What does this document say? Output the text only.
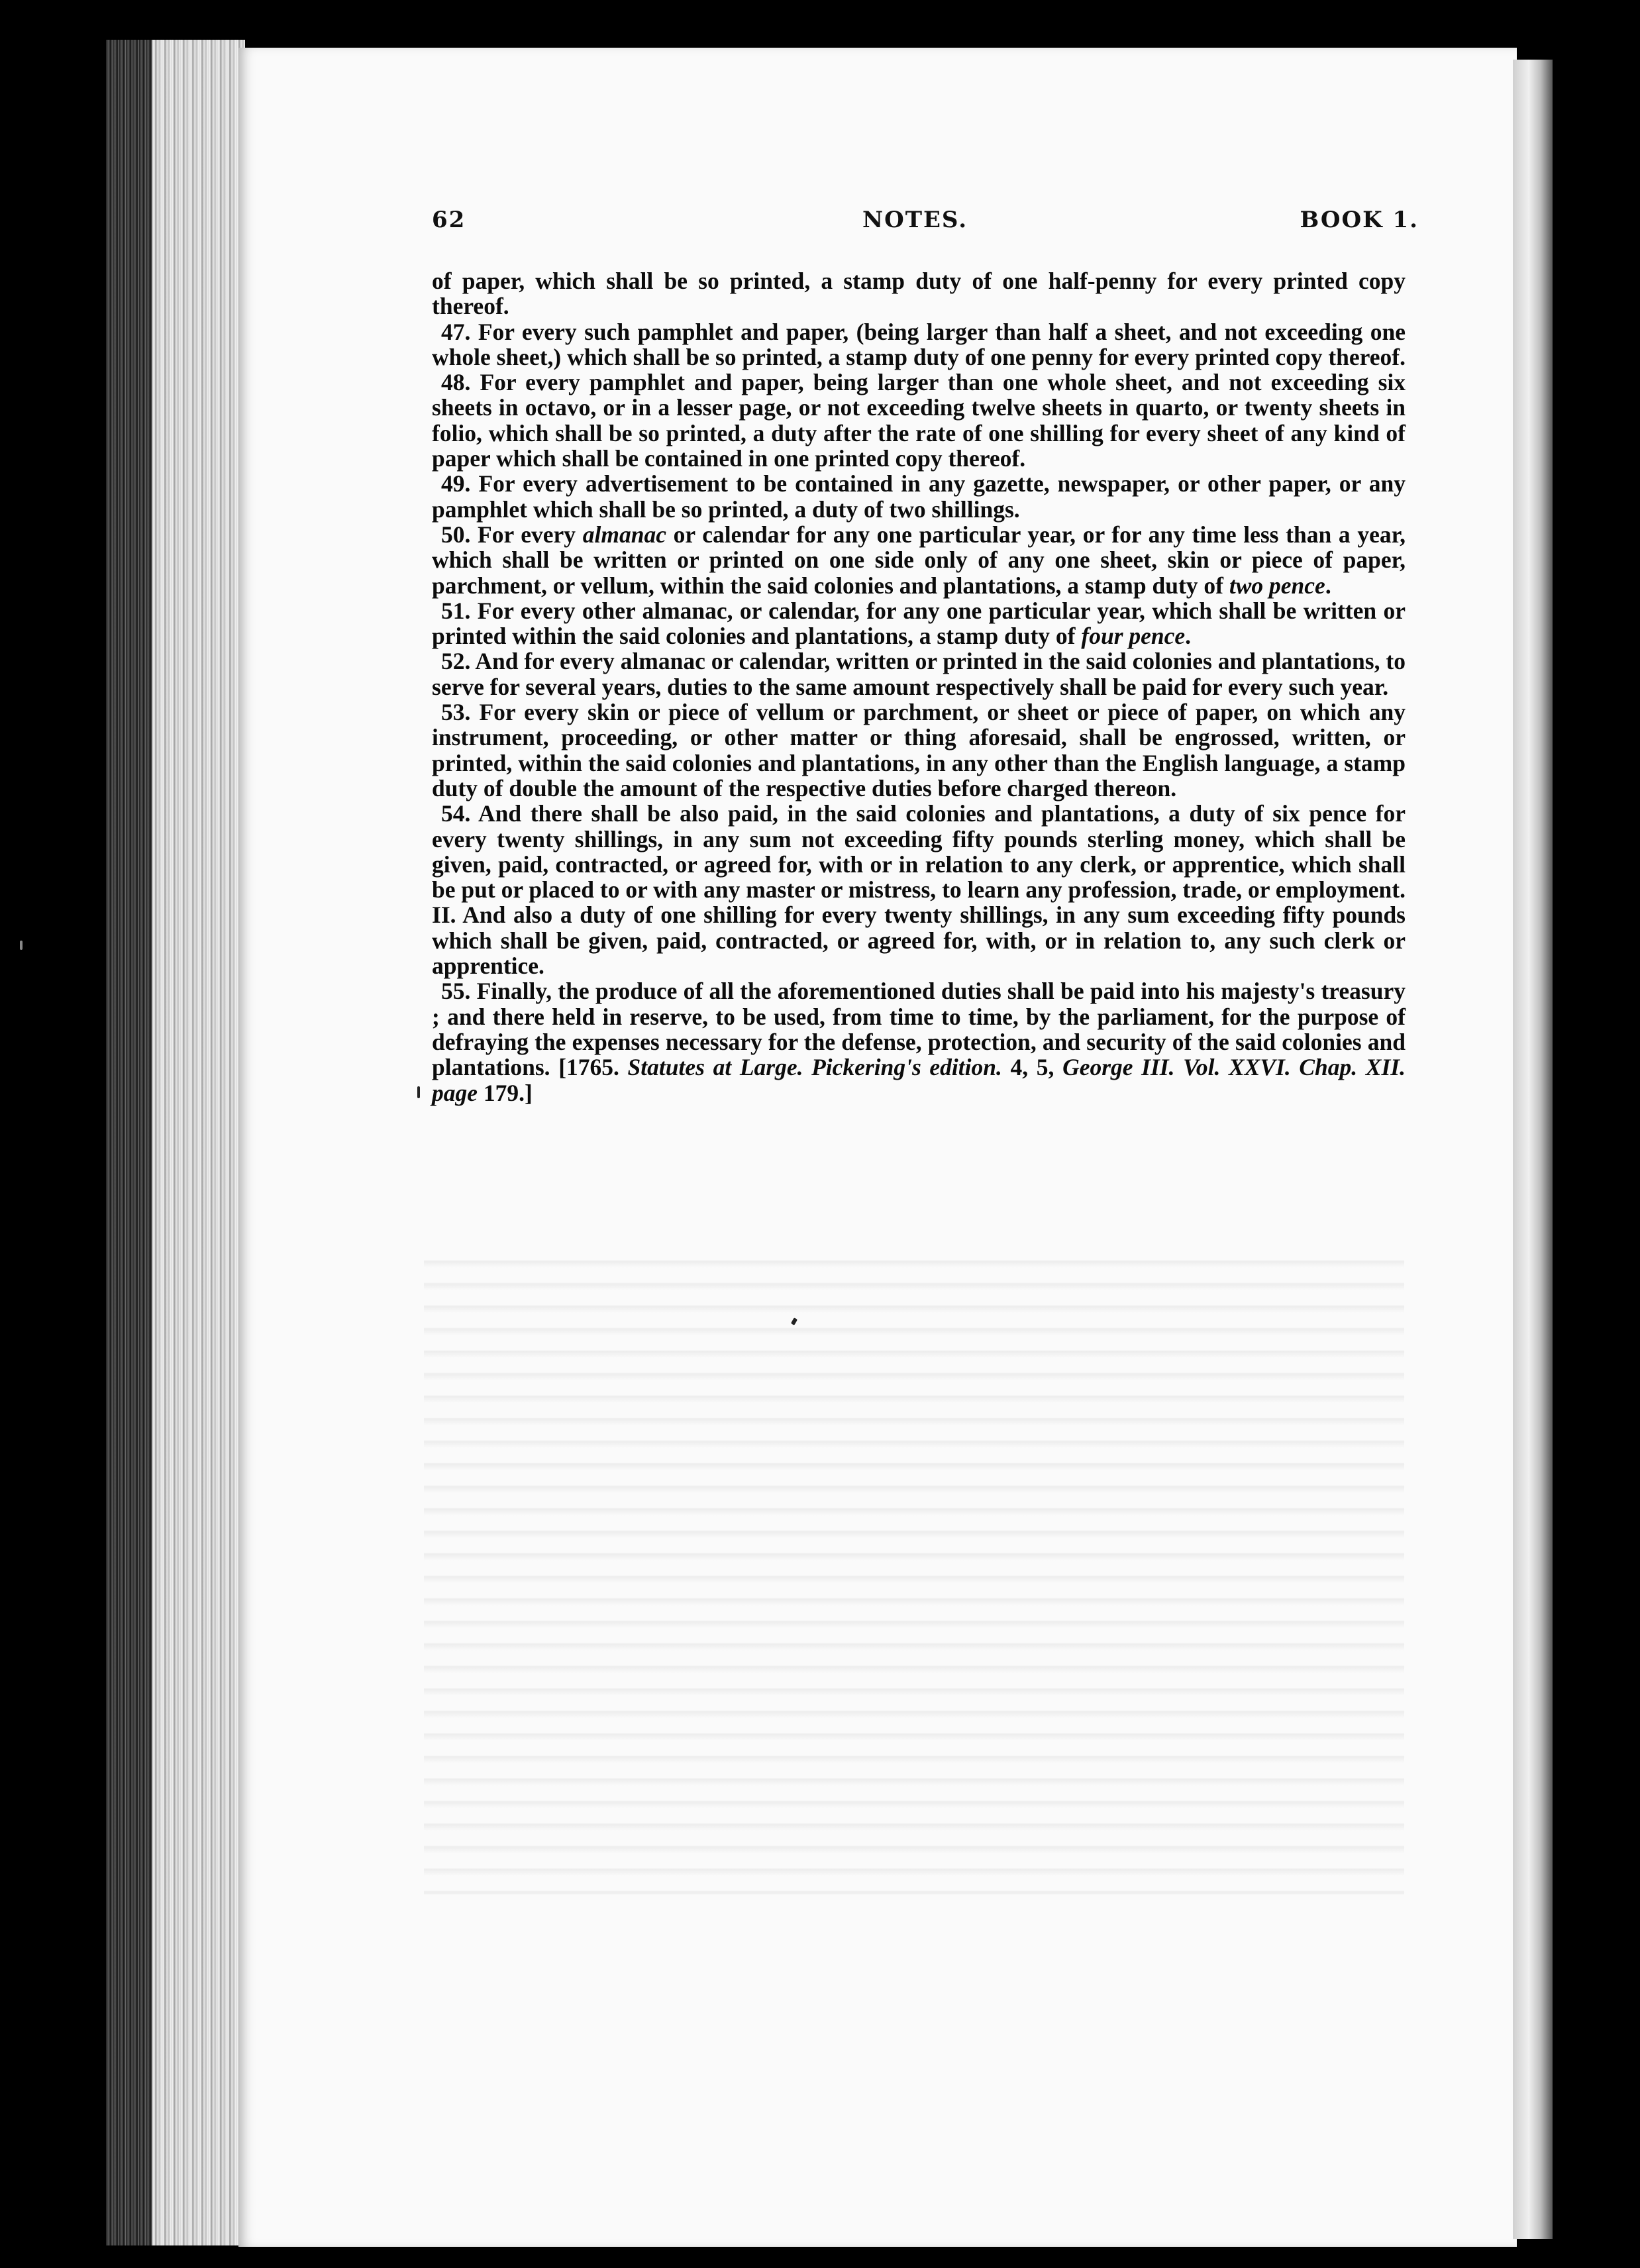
62	NOTES.	BOOK 1.

of paper, which shall be so printed, a stamp duty of one half-penny for every printed copy thereof.

47. For every such pamphlet and paper, (being larger than half a sheet, and not exceeding one whole sheet,) which shall be so printed, a stamp duty of one penny for every printed copy thereof.

48. For every pamphlet and paper, being larger than one whole sheet, and not exceeding six sheets in octavo, or in a lesser page, or not exceeding twelve sheets in quarto, or twenty sheets in folio, which shall be so printed, a duty after the rate of one shilling for every sheet of any kind of paper which shall be contained in one printed copy thereof.

49. For every advertisement to be contained in any gazette, newspaper, or other paper, or any pamphlet which shall be so printed, a duty of two shillings.

50. For every almanac or calendar for any one particular year, or for any time less than a year, which shall be written or printed on one side only of any one sheet, skin or piece of paper, parchment, or vellum, within the said colonies and plantations, a stamp duty of two pence.

51. For every other almanac, or calendar, for any one particular year, which shall be written or printed within the said colonies and plantations, a stamp duty of four pence.

52. And for every almanac or calendar, written or printed in the said colonies and plantations, to serve for several years, duties to the same amount respectively shall be paid for every such year.

53. For every skin or piece of vellum or parchment, or sheet or piece of paper, on which any instrument, proceeding, or other matter or thing aforesaid, shall be engrossed, written, or printed, within the said colonies and plantations, in any other than the English language, a stamp duty of double the amount of the respective duties before charged thereon.

54. And there shall be also paid, in the said colonies and plantations, a duty of six pence for every twenty shillings, in any sum not exceeding fifty pounds sterling money, which shall be given, paid, contracted, or agreed for, with or in relation to any clerk, or apprentice, which shall be put or placed to or with any master or mistress, to learn any profession, trade, or employment. II. And also a duty of one shilling for every twenty shillings, in any sum exceeding fifty pounds which shall be given, paid, contracted, or agreed for, with, or in relation to, any such clerk or apprentice.

55. Finally, the produce of all the aforementioned duties shall be paid into his majesty's treasury ; and there held in reserve, to be used, from time to time, by the parliament, for the purpose of defraying the expenses necessary for the defense, protection, and security of the said colonies and plantations. [1765. Statutes at Large. Pickering's edition. 4, 5, George III. Vol. XXVI. Chap. XII. page 179.]
